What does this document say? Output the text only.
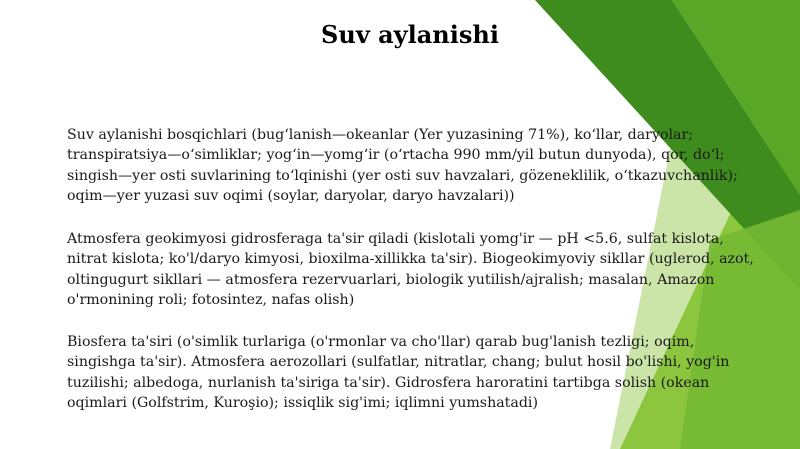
Suv aylanishi
Suv aylanishi bosqichlari (bugʻlanish—okeanlar (Yer yuzasining 71%), koʻllar, daryolar; transpiratsiya—oʻsimliklar; yogʻin—yomgʻir (oʻrtacha 990 mm/yil butun dunyoda), qor, doʻl; singish—yer osti suvlarining toʻlqinishi (yer osti suv havzalari, gözeneklilik, oʻtkazuvchanlik); oqim—yer yuzasi suv oqimi (soylar, daryolar, daryo havzalari))
Atmosfera geokimyosi gidrosferaga ta'sir qiladi (kislotali yomg'ir — pH <5.6, sulfat kislota, nitrat kislota; ko'l/daryo kimyosi, bioxilma-xillikka ta'sir). Biogeokimyoviy sikllar (uglerod, azot, oltingugurt sikllari — atmosfera rezervuarlari, biologik yutilish/ajralish; masalan, Amazon o'rmonining roli; fotosintez, nafas olish)
Biosfera ta'siri (o'simlik turlariga (o'rmonlar va cho'llar) qarab bug'lanish tezligi; oqim, singishga ta'sir). Atmosfera aerozollari (sulfatlar, nitratlar, chang; bulut hosil bo'lishi, yog'in tuzilishi; albedoga, nurlanish ta'siriga ta'sir). Gidrosfera haroratini tartibga solish (okean oqimlari (Golfstrim, Kuroşio); issiqlik sig'imi; iqlimni yumshatadi)
